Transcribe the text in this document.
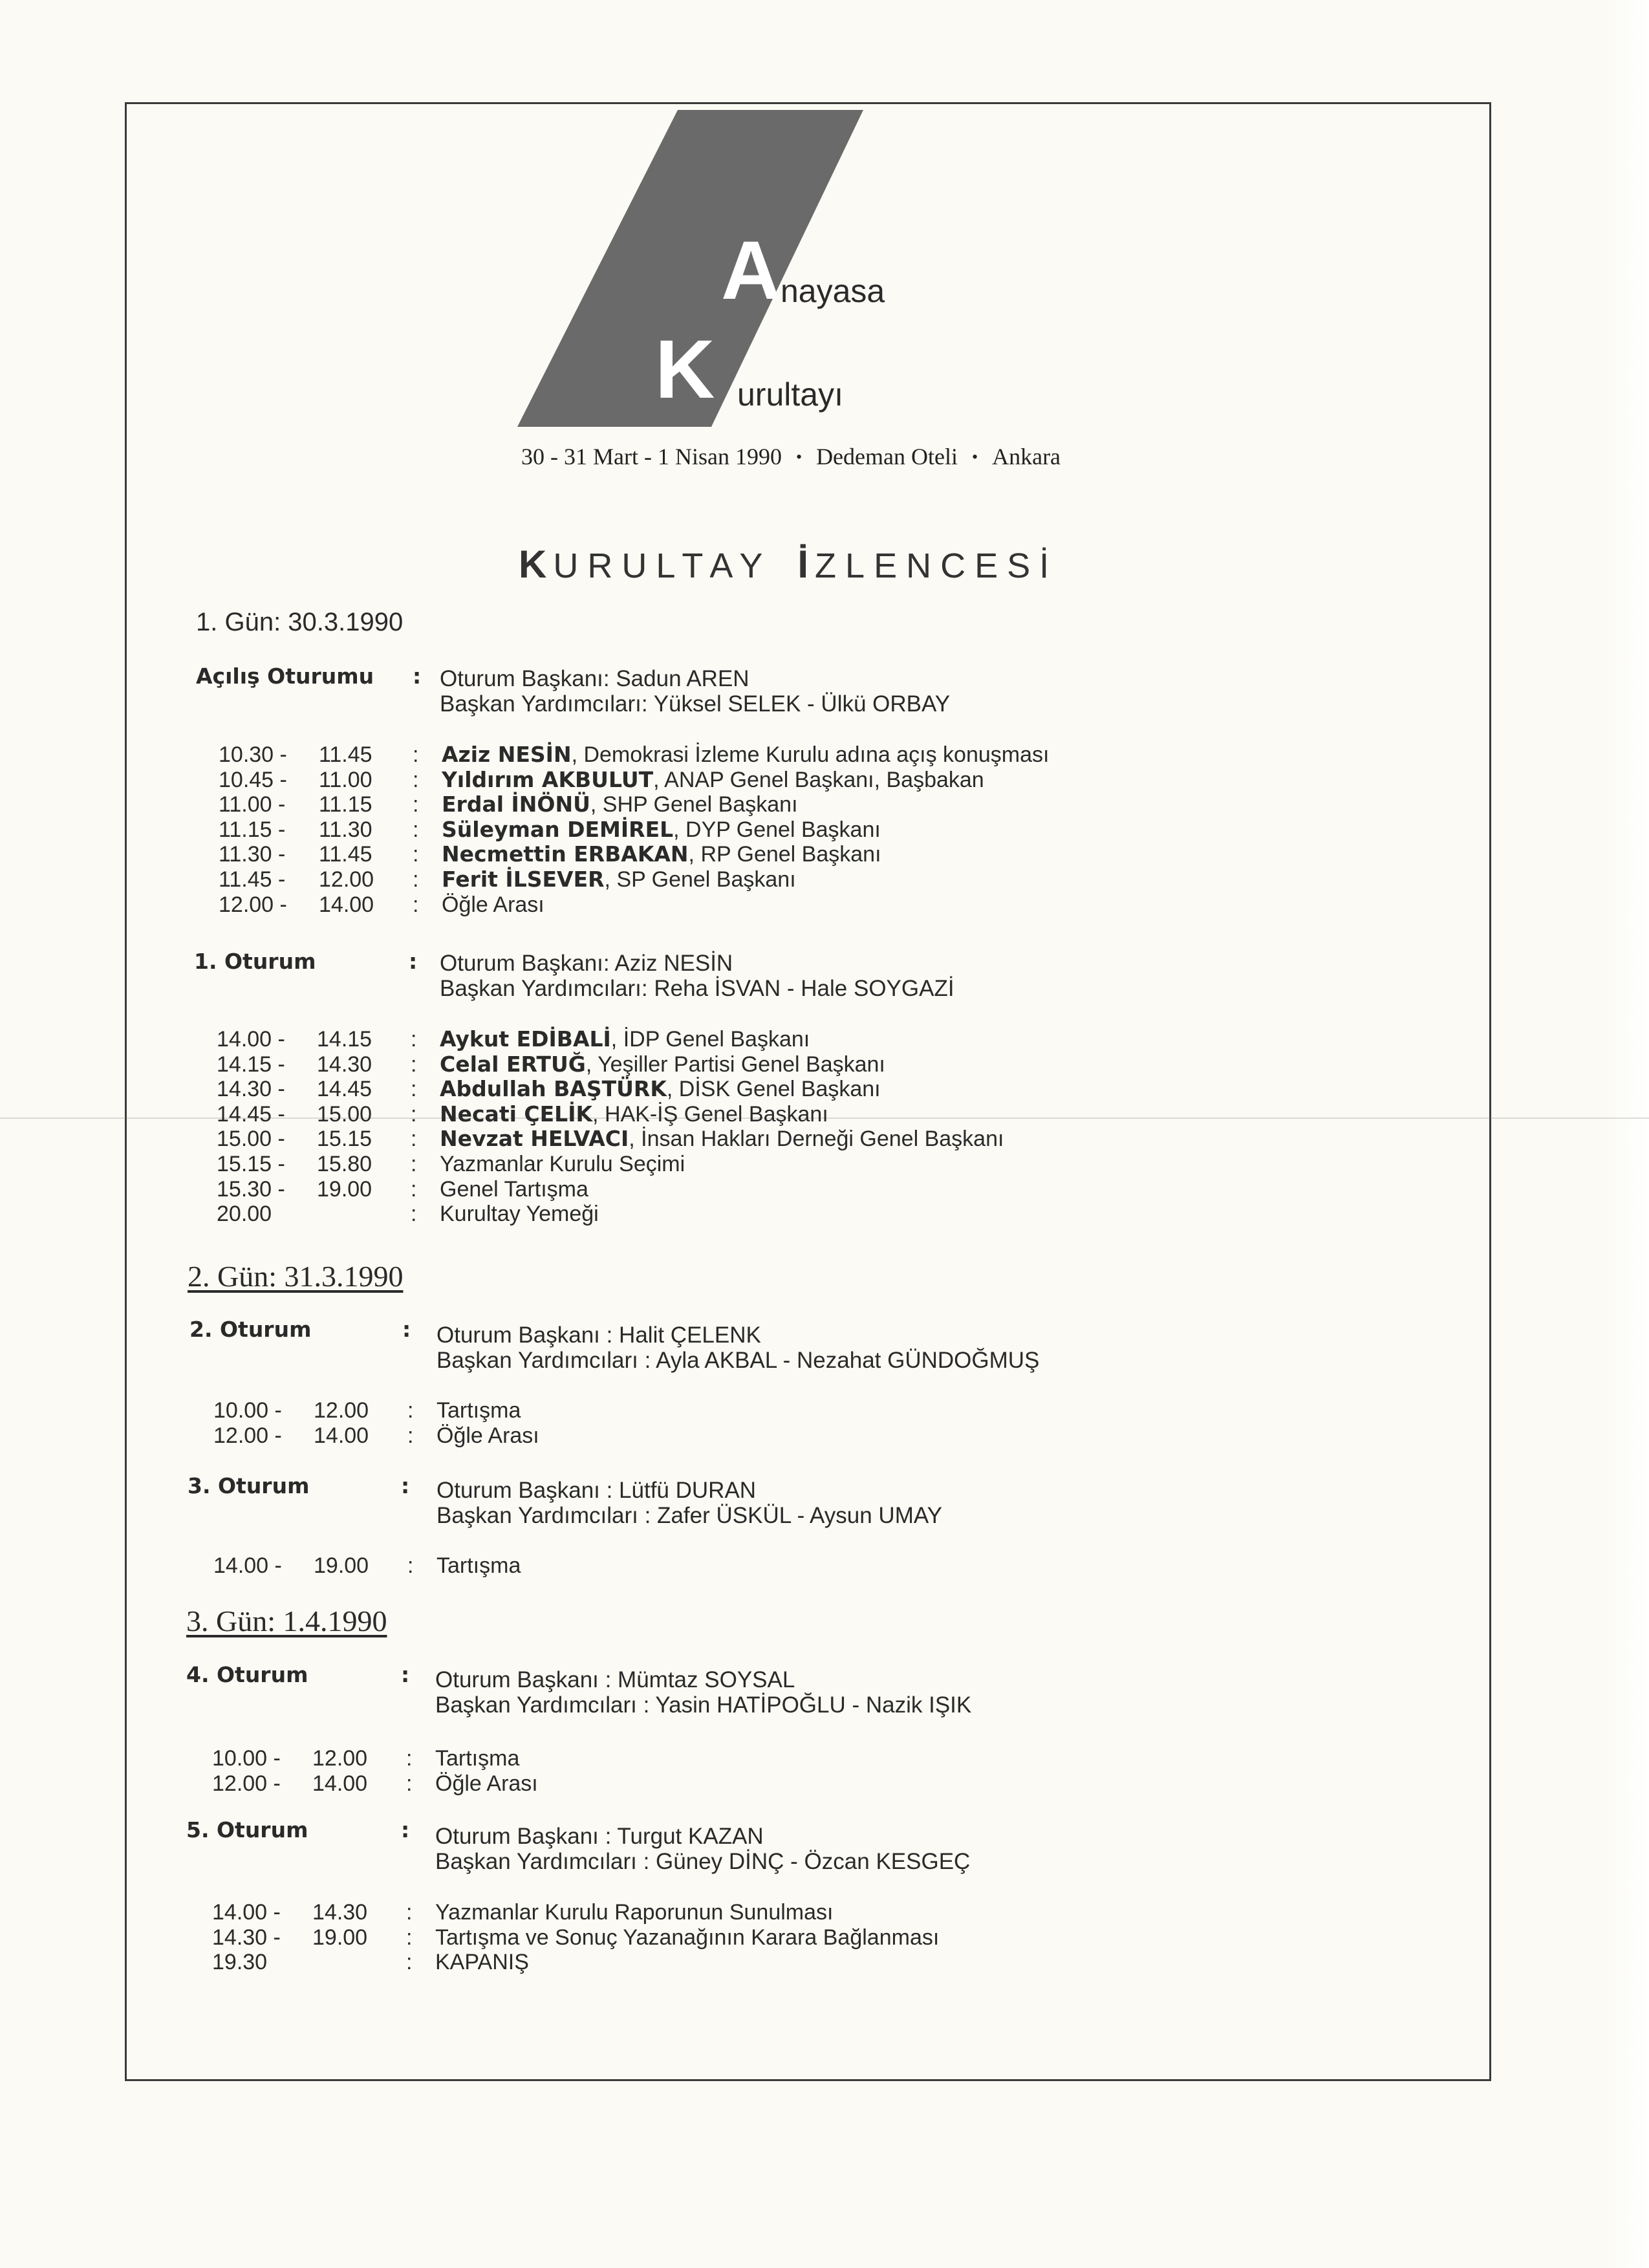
A nayasa
K urultayı
30 - 31 Mart - 1 Nisan 1990 • Dedeman Oteli • Ankara
KURULTAY İZLENCESİ
1. Gün: 30.3.1990
2. Gün: 31.3.1990
3. Gün: 1.4.1990
Açılış Oturumu : Oturum Başkanı: Sadun AREN
Başkan Yardımcıları: Yüksel SELEK - Ülkü ORBAY
10.30 -	11.45	: Aziz NESİN, Demokrasi İzleme Kurulu adına açış konuşması
10.45 -	11.00	: Yıldırım AKBULUT, ANAP Genel Başkanı, Başbakan
11.00 -	11.15	: Erdal İNÖNÜ, SHP Genel Başkanı
11.15 -	11.30	: Süleyman DEMİREL, DYP Genel Başkanı
11.30 -	11.45	: Necmettin ERBAKAN, RP Genel Başkanı
11.45 -	12.00	: Ferit İLSEVER, SP Genel Başkanı
12.00 -	14.00	: Öğle Arası
1. Oturum	: Oturum Başkanı: Aziz NESİN
Başkan Yardımcıları: Reha İSVAN - Hale SOYGAZİ
14.00 -	14.15	: Aykut EDİBALİ, İDP Genel Başkanı
14.15 -	14.30	: Celal ERTUĞ, Yeşiller Partisi Genel Başkanı
14.30 -	14.45	: Abdullah BAŞTÜRK, DİSK Genel Başkanı
14.45 -	15.00	: Necati ÇELİK, HAK-İŞ Genel Başkanı
15.00 -	15.15	: Nevzat HELVACI, İnsan Hakları Derneği Genel Başkanı
15.15 -	15.80	: Yazmanlar Kurulu Seçimi
15.30 -	19.00	: Genel Tartışma
20.00	: Kurultay Yemeği
2. Oturum	: Oturum Başkanı : Halit ÇELENK
Başkan Yardımcıları : Ayla AKBAL - Nezahat GÜNDOĞMUŞ
10.00 -	12.00	: Tartışma
12.00 -	14.00	: Öğle Arası
3. Oturum	: Oturum Başkanı : Lütfü DURAN
Başkan Yardımcıları : Zafer ÜSKÜL - Aysun UMAY
14.00 -	19.00	: Tartışma
4. Oturum	: Oturum Başkanı : Mümtaz SOYSAL
Başkan Yardımcıları : Yasin HATİPOĞLU - Nazik IŞIK
10.00 -	12.00	: Tartışma
12.00 -	14.00	: Öğle Arası
5. Oturum	: Oturum Başkanı : Turgut KAZAN
Başkan Yardımcıları : Güney DİNÇ - Özcan KESGEÇ
14.00 -	14.30	: Yazmanlar Kurulu Raporunun Sunulması
14.30 -	19.00	: Tartışma ve Sonuç Yazanağının Karara Bağlanması
19.30	: KAPANIŞ
